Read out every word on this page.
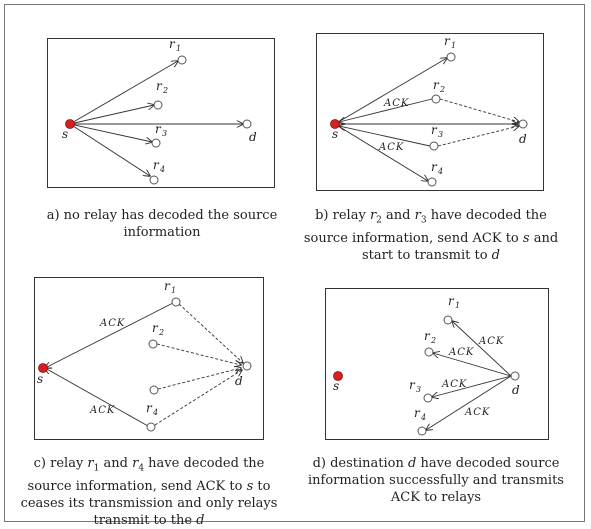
s	d
r 1
r 2
r 3
r 4
a) no relay has decoded the source
information
ACK
ACK
s	d
r 1
r 2
r 3
r 4
b) relay $r_2$ and $r_3$ have decoded the
source information, send ACK to s and
start to transmit to d
ACK
ACK
s	d
r 1
r 2
r 4
c) relay $r_1$ and $r_4$ have decoded the
source information, send ACK to s to
ceases its transmission and only relays
transmit to the d
ACK
ACK
ACK
ACK
s	d
r 1
r 2
r 3
r 4
d) destination d have decoded source
information successfully and transmits
ACK to relays
